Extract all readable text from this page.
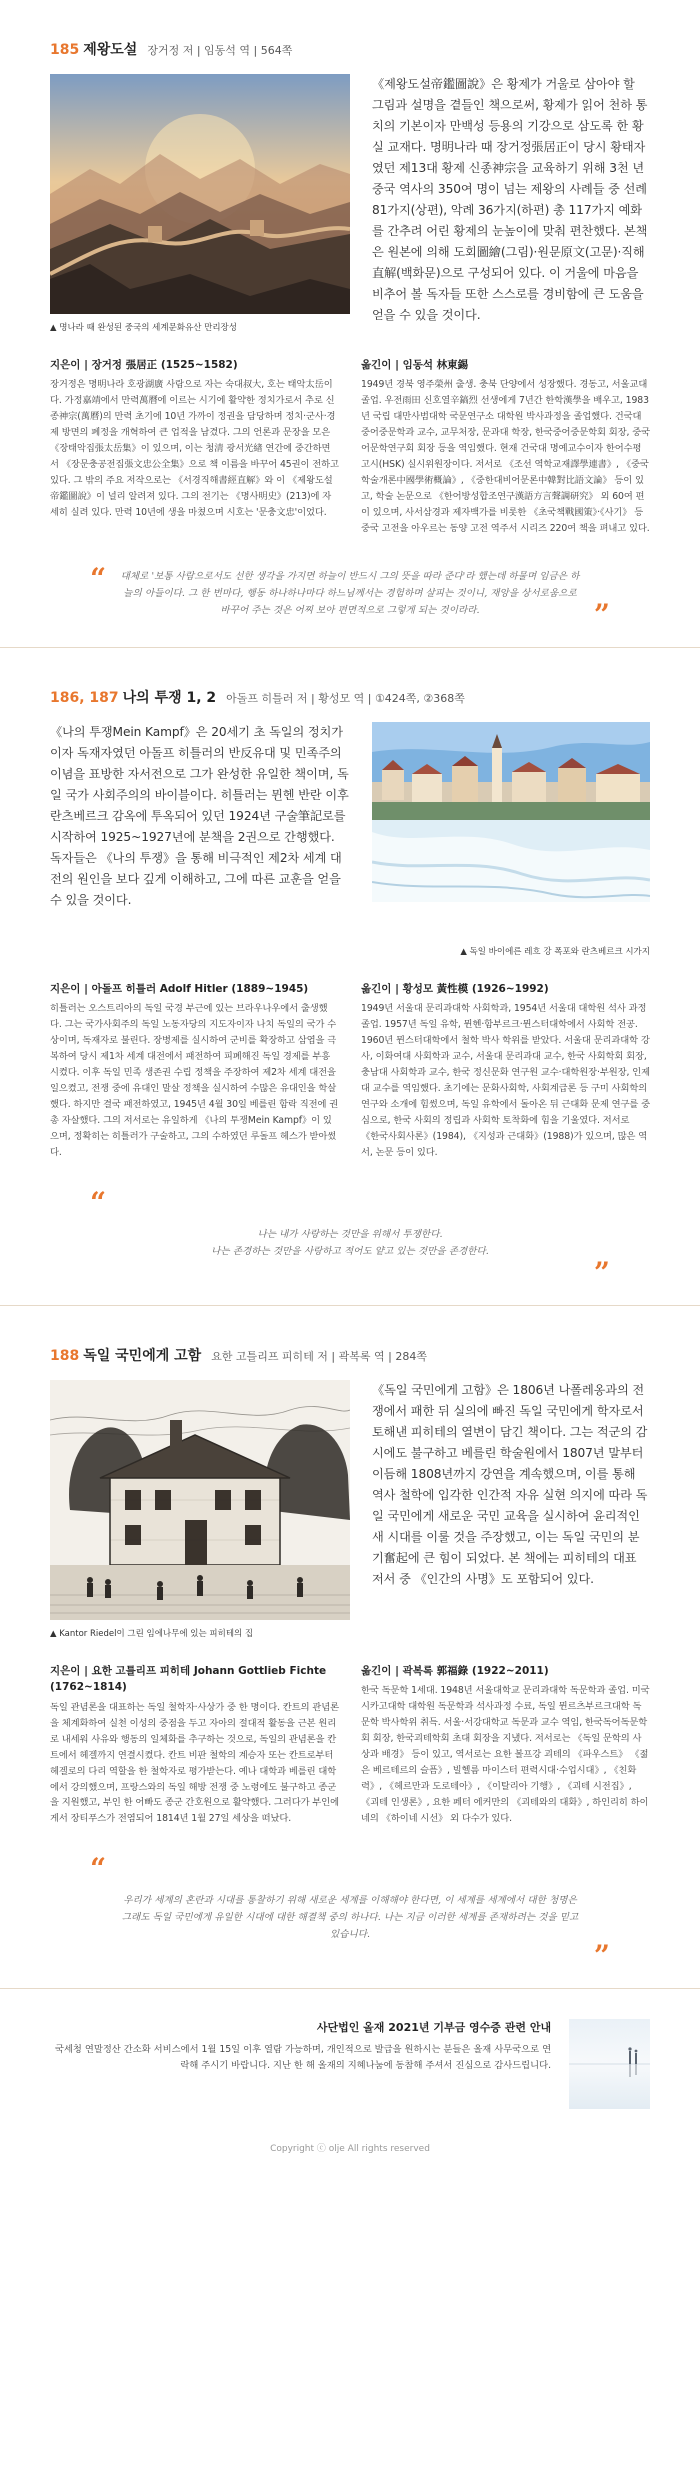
185 제왕도설 장거정 저 | 임동석 역 | 564쪽
▲ 명나라 때 완성된 중국의 세계문화유산 만리장성
《제왕도설帝鑑圖說》은 황제가 거울로 삼아야 할 그림과 설명을 곁들인 책으로써, 황제가 읽어 천하 통치의 기본이자 만백성 등용의 기강으로 삼도록 한 황실 교재다. 명明나라 때 장거정張居正이 당시 황태자였던 제13대 황제 신종神宗을 교육하기 위해 3천 년 중국 역사의 350여 명이 넘는 제왕의 사례들 중 선례 81가지(상편), 악례 36가지(하편) 총 117가지 예화를 간추려 어린 황제의 눈높이에 맞춰 편찬했다. 본책은 원본에 의해 도회圖繪(그림)·원문原文(고문)·직해直解(백화문)으로 구성되어 있다. 이 거울에 마음을 비추어 볼 독자들 또한 스스로를 경비함에 큰 도움을 얻을 수 있을 것이다.
지은이 | 장거정 張居正 (1525~1582)

장거정은 명明나라 호광湖廣 사람으로 자는 숙대叔大, 호는 태악太岳이다. 가정嘉靖에서 만력萬曆에 이르는 시기에 활약한 정치가로서 추로 신종神宗(萬曆)의 만력 초기에 10년 가까이 정권을 담당하며 정치·군사·경제 방면의 폐정을 개혁하여 큰 업적을 남겼다. 그의 언론과 문장을 모은 《장태악집張太岳集》이 있으며, 이는 청淸 광서光緖 연간에 중간하면서 《장문충공전집張文忠公全集》으로 책 이름을 바꾸어 45권이 전하고 있다. 그 밖의 주요 저작으로는 《서경직해書經直解》와 이 《제왕도설帝鑑圖說》이 널리 알려져 있다. 그의 전기는 《명사明史》(213)에 자세히 실려 있다. 만력 10년에 생을 마쳤으며 시호는 '문충文忠'이었다.

옮긴이 | 임동석 林東錫

1949년 경북 영주榮州 출생. 충북 단양에서 성장했다. 경동고, 서울교대 졸업. 우전雨田 신호열辛鎬烈 선생에게 7년간 한학漢學을 배우고, 1983년 국립 대만사범대학 국문연구소 대학원 박사과정을 졸업했다. 건국대 중어중문학과 교수, 교무처장, 문과대 학장, 한국중어중문학회 회장, 중국어문학연구회 회장 등을 역임했다. 현재 건국대 명예교수이자 한어수평고시(HSK) 실시위원장이다. 저서로 《조선 역학교재譯學連書》, 《중국학술개론中國學術概論》, 《중한대비어문론中韓對比語文論》 등이 있고, 학술 논문으로 《한어방성합조연구漢語方言聲調研究》 외 60여 편이 있으며, 사서삼경과 제자백가를 비롯한 《초국책戰國策》·《사기》 등 중국 고전을 아우르는 동양 고전 역주서 시리즈 220여 책을 펴내고 있다.

“ 대체로 '보통 사람으로서도 선한 생각을 가지면 하늘이 반드시 그의 뜻을 따라 준다'라 했는데 하물며 임금은 하늘의 아들이다. 그 한 번마다, 행동 하나하나마다 하느님께서는 경험하며 살피는 것이니, 재앙을 상서로움으로 바꾸어 주는 것은 어찌 보아 편면적으로 그렇게 되는 것이라라.	”
186, 187 나의 투쟁 1, 2 아돌프 히틀러 저 | 황성모 역 | ①424쪽, ②368쪽
《나의 투쟁Mein Kampf》은 20세기 초 독일의 정치가이자 독재자였던 아돌프 히틀러의 반反유대 및 민족주의 이념을 표방한 자서전으로 그가 완성한 유일한 책이며, 독일 국가 사회주의의 바이블이다. 히틀러는 뮌헨 반란 이후 란츠베르크 감옥에 투옥되어 있던 1924년 구술筆記로를 시작하여 1925~1927년에 분책을 2권으로 간행했다. 독자들은 《나의 투쟁》을 통해 비극적인 제2차 세계 대전의 원인을 보다 깊게 이해하고, 그에 따른 교훈을 얻을 수 있을 것이다.
▲ 독일 바이에른 레흐 강 폭포와 란츠베르크 시가지
지은이 | 아돌프 히틀러 Adolf Hitler (1889~1945)

히틀러는 오스트리아의 독일 국경 부근에 있는 브라우나우에서 출생했다. 그는 국가사회주의 독일 노동자당의 지도자이자 나치 독일의 국가 수상이며, 독재자로 불린다. 장병제를 실시하여 군비를 확장하고 삼엽을 극복하여 당시 제1차 세계 대전에서 패전하여 피폐해진 독일 경제를 부흥시켰다. 이후 독일 민족 생존권 수립 정책을 주장하여 제2차 세계 대전을 일으켰고, 전쟁 중에 유대인 말살 정책을 실시하여 수많은 유대인을 학살했다. 하지만 결국 패전하였고, 1945년 4월 30일 베를린 함락 직전에 권총 자살했다. 그의 저서로는 유일하게 《나의 투쟁Mein Kampf》이 있으며, 정확히는 히틀러가 구술하고, 그의 수하였던 루돌프 헤스가 받아썼다.

옮긴이 | 황성모 黃性模 (1926~1992)

1949년 서울대 문리과대학 사회학과, 1954년 서울대 대학원 석사 과정 졸업. 1957년 독일 유학, 뮌헨·함부르크·뮌스터대학에서 사회학 전공. 1960년 뮌스터대학에서 철학 박사 학위를 받았다. 서울대 문리과대학 강사, 이화여대 사회학과 교수, 서울대 문리과대 교수, 한국 사회학회 회장, 충남대 사회학과 교수, 한국 정신문화 연구원 교수·대학원장·부원장, 인제대 교수를 역임했다. 초기에는 문화사회학, 사회계급론 등 구미 사회학의 연구와 소개에 힘썼으며, 독일 유학에서 돌아온 뒤 근대화 문제 연구를 중심으로, 한국 사회의 정립과 사회학 토착화에 힘을 기울였다. 저서로 《한국사회사론》(1984), 《지성과 근대화》(1988)가 있으며, 많은 역서, 논문 등이 있다.

“

나는 내가 사랑하는 것만을 위해서 투쟁한다.
나는 존경하는 것만을 사랑하고 적어도 얕고 있는 것만을 존경한다.

”

188 독일 국민에게 고함 요한 고틀리프 피히테 저 | 곽복록 역 | 284쪽
▲ Kantor Riedel이 그린 임에나무에 있는 피히테의 집
《독일 국민에게 고함》은 1806년 나폴레옹과의 전쟁에서 패한 뒤 실의에 빠진 독일 국민에게 학자로서 토해낸 피히테의 열변이 담긴 책이다. 그는 적군의 감시에도 불구하고 베를린 학술원에서 1807년 말부터 이듬해 1808년까지 강연을 계속했으며, 이를 통해 역사 철학에 입각한 인간적 자유 실현 의지에 따라 독일 국민에게 새로운 국민 교육을 실시하여 윤리적인 새 시대를 이룰 것을 주장했고, 이는 독일 국민의 분기奮起에 큰 힘이 되었다. 본 책에는 피히테의 대표 저서 중 《인간의 사명》도 포함되어 있다.
지은이 | 요한 고틀리프 피히테 Johann Gottlieb Fichte (1762~1814)

독일 관념론을 대표하는 독일 철학자·사상가 중 한 명이다. 칸트의 관념론을 체계화하여 실천 이성의 중점을 두고 자아의 절대적 활동을 근본 원리로 내세워 사유와 행동의 일체화를 추구하는 것으로, 독일의 관념론을 칸트에서 헤겔까지 연결시켰다. 칸트 비판 철학의 계승자 또는 칸트로부터 헤겔로의 다리 역할을 한 철학자로 평가받는다. 예나 대학과 베를린 대학에서 강의했으며, 프랑스와의 독일 해방 전쟁 중 노령에도 불구하고 종군을 지원했고, 부인 한 어빠도 종군 간호원으로 활약했다. 그러다가 부인에게서 장티푸스가 전염되어 1814년 1월 27일 세상을 떠났다.

옮긴이 | 곽복록 郭福錄 (1922~2011)

한국 독문학 1세대. 1948년 서울대학교 문리과대학 독문학과 졸업. 미국 시카고대학 대학원 독문학과 석사과정 수료, 독일 뮌르츠부르크대학 독문학 박사학위 취득. 서울·서강대학교 독문과 교수 역임, 한국독어독문학회 회장, 한국괴테학회 초대 회장을 지냈다. 저서로는 《독일 문학의 사상과 배경》 등이 있고, 역서로는 요한 볼프강 괴테의 《파우스트》 《젊은 베르테르의 슬픔》, 빌헬름 마이스터 편력시대·수업시대》, 《친화력》, 《헤르만과 도로테아》, 《이탈리아 기행》, 《괴테 시전집》, 《괴테 인생론》, 요한 페터 에커만의 《괴테와의 대화》, 하인리히 하이네의 《하이네 시선》 외 다수가 있다.

“

우리가 세계의 혼란과 시대를 통찰하기 위해 새로운 세계를 이해해야 한다면, 이 세계를 세계에서 대한 청명은
그래도 독일 국민에게 유일한 시대에 대한 해결책 중의 하나다. 나는 지금 이러한 세계를 존재하려는 것을 믿고 있습니다.

”

사단법인 올재 2021년 기부금 영수증 관련 안내

국세청 연말정산 간소화 서비스에서 1월 15일 이후 열람 가능하며, 개인적으로 발급을 원하시는 분들은 올재 사무국으로 연락해 주시기 바랍니다. 지난 한 해 올재의 지혜나눔에 동참해 주셔서 진심으로 감사드립니다.

Copyright ⓒ olje All rights reserved
